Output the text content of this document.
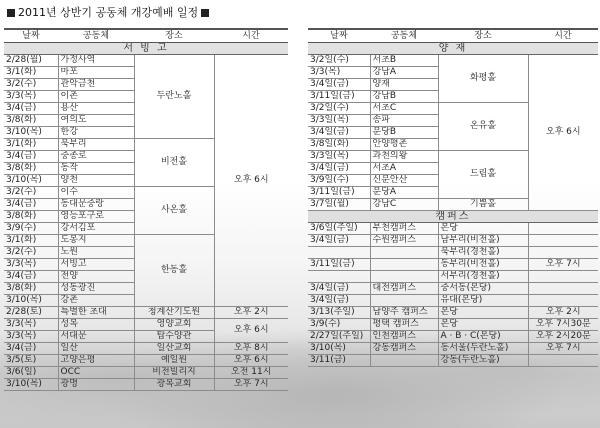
2011년 상반기 공동체 개강예배 일정
날짜	공동체	장소	시간
서 빙 고			
2/28(월)	가정사역	두란노홀	오후 6시
3/1(화)	마포		
3/2(수)	관악금천		
3/3(목)	이촌		
3/4(금)	용산		
3/8(화)	여의도		
3/10(목)	한강		
3/1(화)	북부리	비전홀	
3/4(금)	중종로		
3/8(화)	동작		
3/10(목)	양천		
3/2(수)	이수	사온홀	
3/4(금)	동대문중랑		
3/8(화)	영등포구로		
3/9(수)	강서김포		
3/1(화)	도봉지	한동홀	
3/2(수)	노원		
3/3(목)	서빙고		
3/4(금)	전양		
3/8(화)	성동광진		
3/10(목)	강촌		
2/28(토)	특별한 초대	청계산기도원	오후 2시
3/3(목)	성복	영양교회	오후 6시
3/3(목)	서대문	탑수양관	
3/4(금)	일산	일산교회	오후 8시
3/5(토)	고양은평	예일원	오후 6시
3/6(일)	OCC	비전빌리지	오전 11시
3/10(목)	광명	광복교회	오후 7시
날짜	공동체	장소	시간
양 재			
3/2일(수)	서초B	화평홀	오후 6시
3/3(목)	강남A		
3/4일(금)	양재		
3/11일(금)	강남B		
3/2일(수)	서초C	온유홀	
3/3일(목)	송파		
3/4일(금)	분당B		
3/8일(화)	안양평촌		
3/3일(목)	과천의왕	드림홀	
3/4일(금)	서초A		
3/9일(수)	신분안산		
3/11일(금)	분당A		
3/7일(월)	강남C	기쁨홀	
캠퍼스			
3/6일(주일)	부천캠퍼스	본당	
3/4일(금)	수원캠퍼스	남부리(비전홀)	
		북부리(경천홀)	
3/11일(금)		동부리(비전홀)	오후 7시
		서부리(경천홀)	
3/4일(금)	대전캠퍼스	중서동(본당)	
3/4일(금)		유대(본당)	
3/13(주일)	남양주 캠퍼스	본당	오후 2시
3/9(수)	평택 캠퍼스	본당	오후 7시30분
2/27일(주일)	인천캠퍼스	A · B · C(본당)	오후 2시20분
3/10(목)	강동캠퍼스	동서울(두란노홀)	오후 7시
3/11(금)		강동(두란노홀)	
